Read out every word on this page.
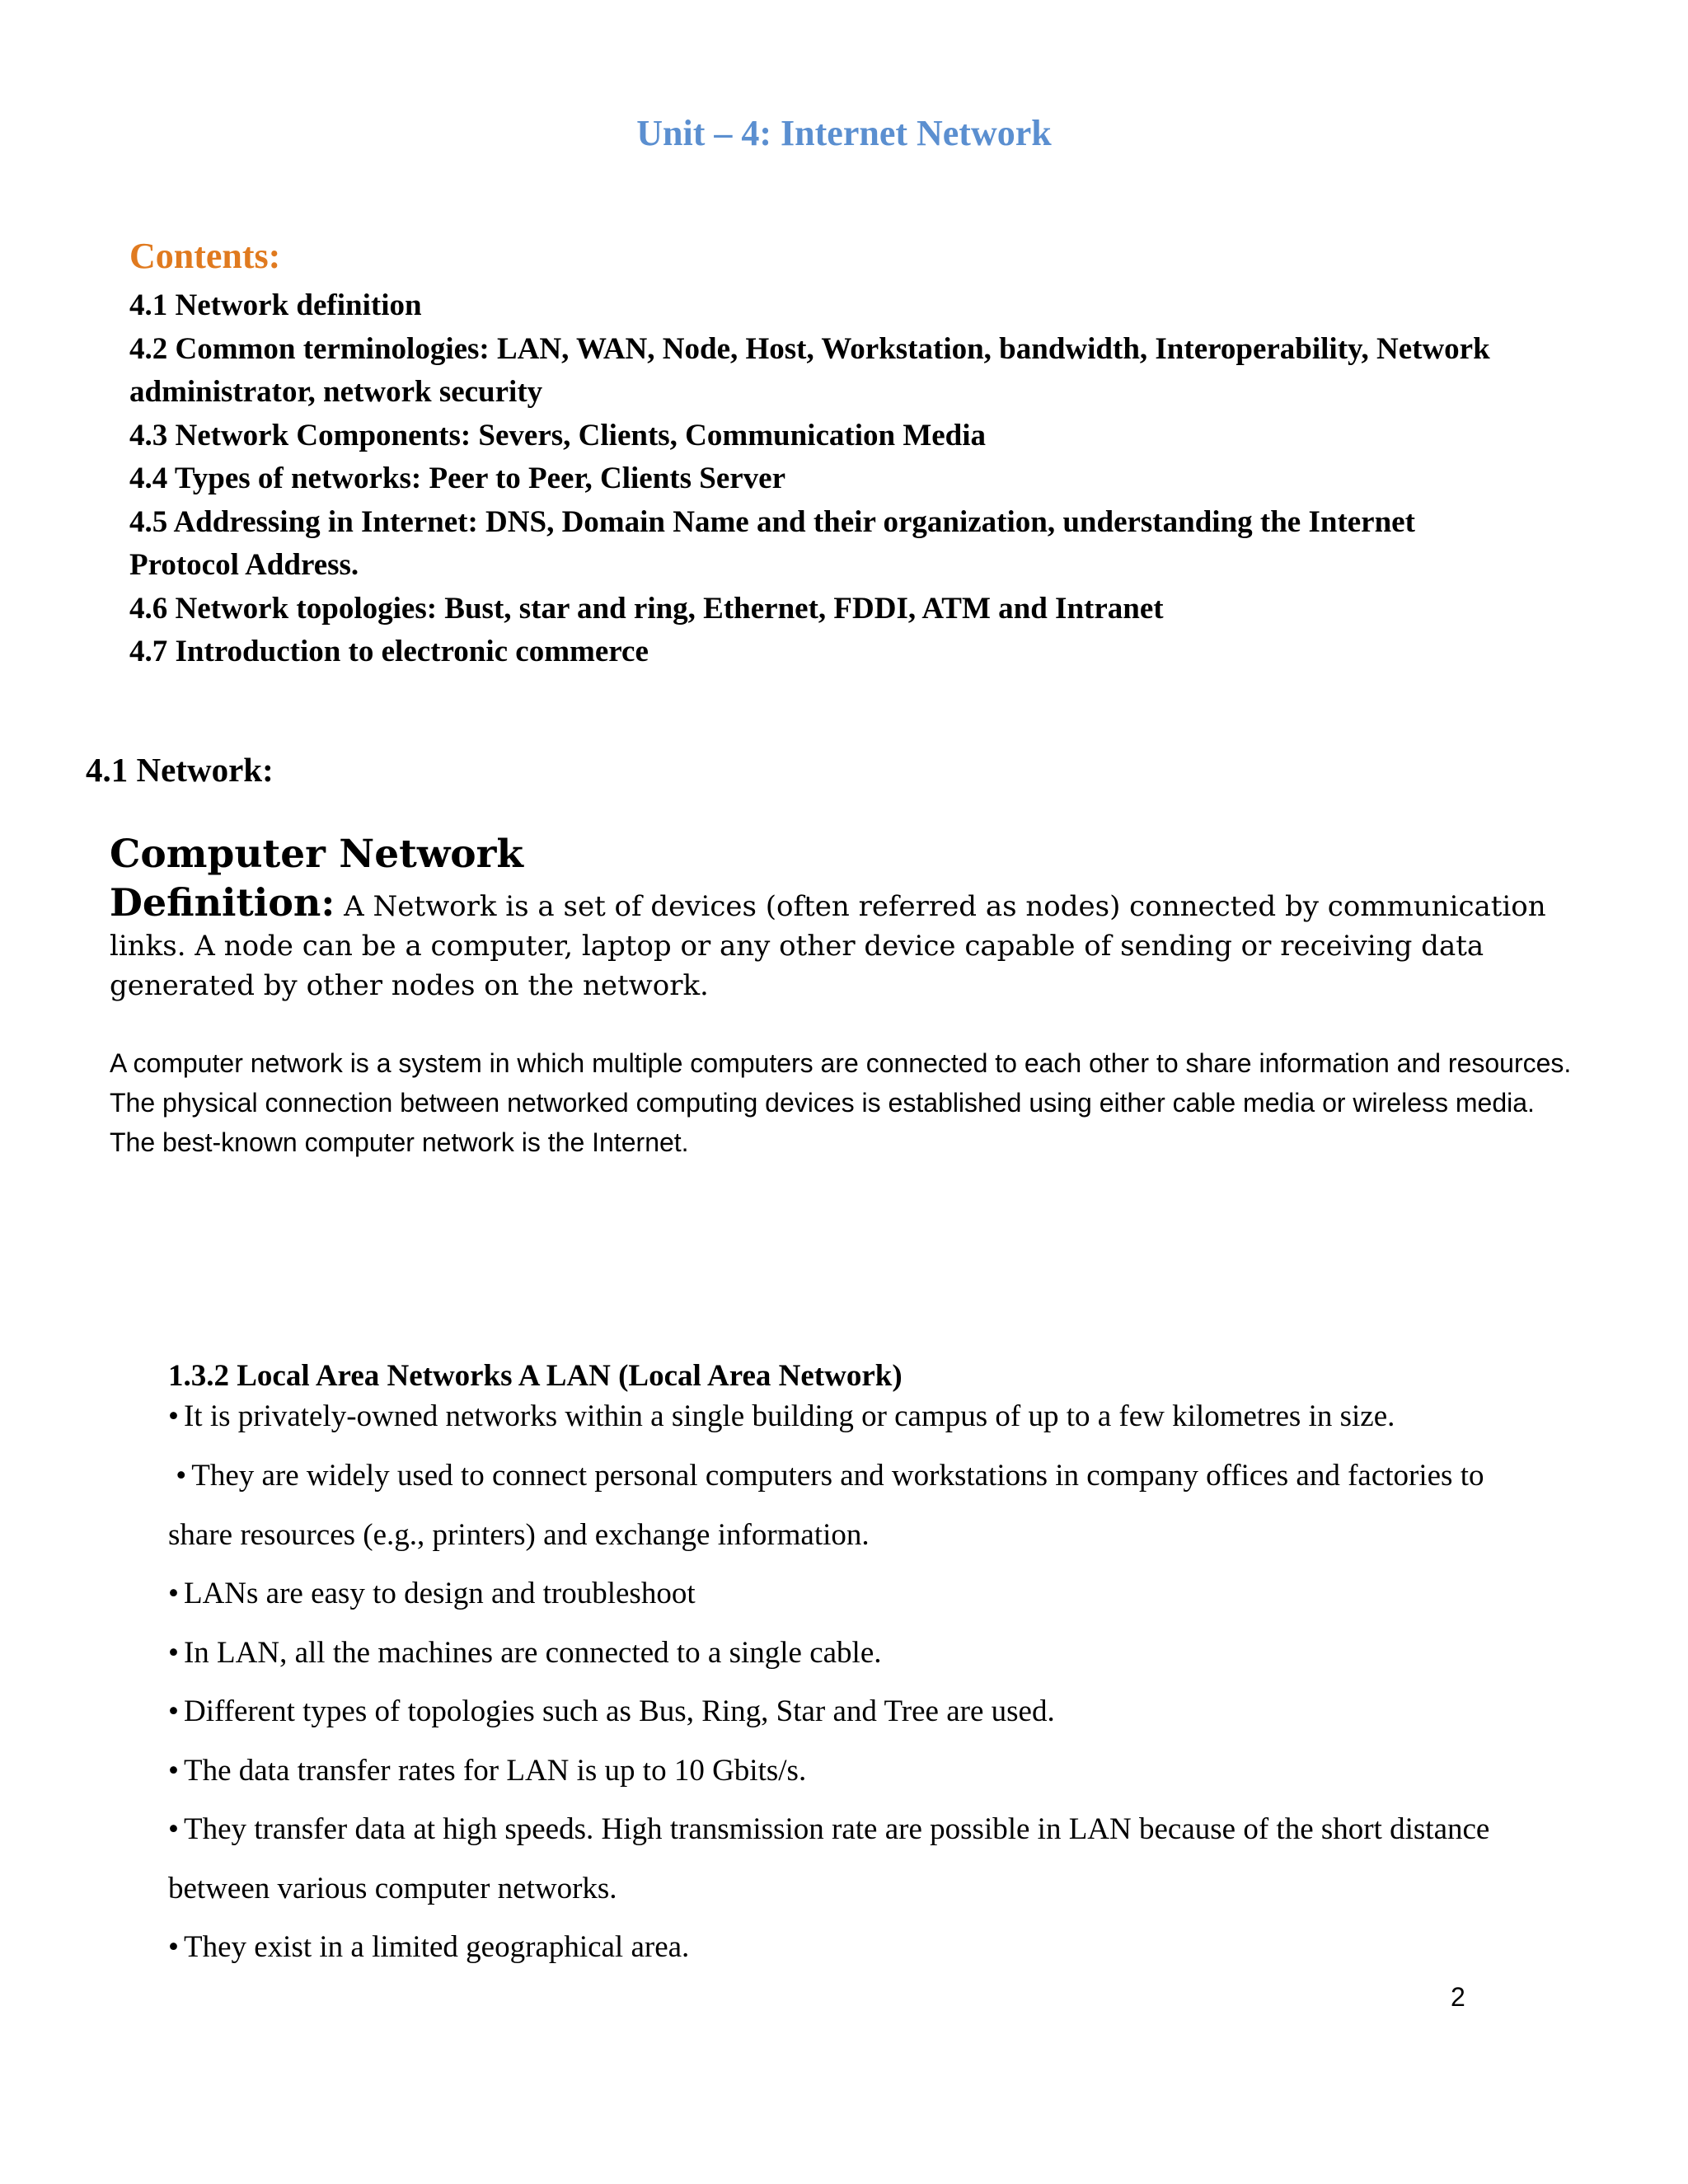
Unit – 4: Internet Network
Contents:
4.1 Network definition
4.2 Common terminologies: LAN, WAN, Node, Host, Workstation, bandwidth, Interoperability, Network
administrator, network security
4.3 Network Components: Severs, Clients, Communication Media
4.4 Types of networks: Peer to Peer, Clients Server
4.5 Addressing in Internet: DNS, Domain Name and their organization, understanding the Internet
Protocol Address.
4.6 Network topologies: Bust, star and ring, Ethernet, FDDI, ATM and Intranet
4.7 Introduction to electronic commerce
4.1 Network:
Computer Network
Definition: A Network is a set of devices (often referred as nodes) connected by communication links. A node can be a computer, laptop or any other device capable of sending or receiving data generated by other nodes on the network.

A computer network is a system in which multiple computers are connected to each other to share information and resources.

The physical connection between networked computing devices is established using either cable media or wireless media.

The best-known computer network is the Internet.

1.3.2 Local Area Networks A LAN (Local Area Network)
• It is privately-owned networks within a single building or campus of up to a few kilometres in size.
• They are widely used to connect personal computers and workstations in company offices and factories to
share resources (e.g., printers) and exchange information.
• LANs are easy to design and troubleshoot
• In LAN, all the machines are connected to a single cable.
• Different types of topologies such as Bus, Ring, Star and Tree are used.
• The data transfer rates for LAN is up to 10 Gbits/s.
• They transfer data at high speeds. High transmission rate are possible in LAN because of the short distance
between various computer networks.
• They exist in a limited geographical area.
2
